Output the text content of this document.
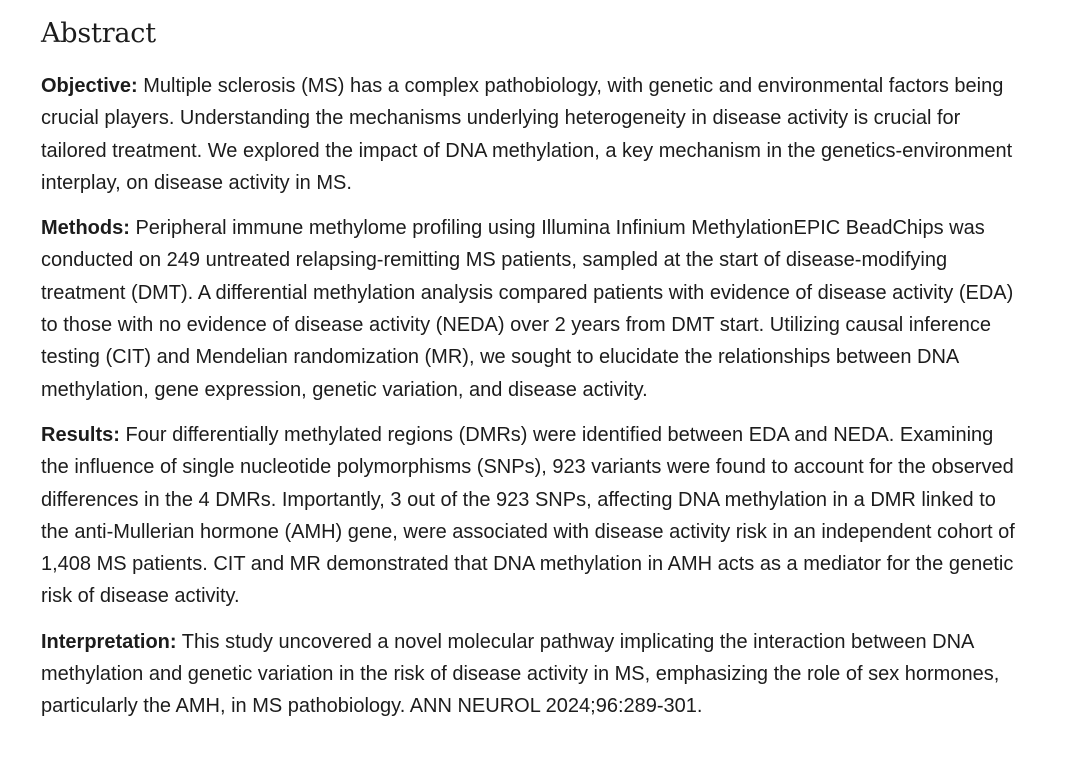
Abstract

Objective: Multiple sclerosis (MS) has a complex pathobiology, with genetic and environmental factors being crucial players. Understanding the mechanisms underlying heterogeneity in disease activity is crucial for tailored treatment. We explored the impact of DNA methylation, a key mechanism in the genetics-environment interplay, on disease activity in MS.

Methods: Peripheral immune methylome profiling using Illumina Infinium MethylationEPIC BeadChips was conducted on 249 untreated relapsing-remitting MS patients, sampled at the start of disease-modifying treatment (DMT). A differential methylation analysis compared patients with evidence of disease activity (EDA) to those with no evidence of disease activity (NEDA) over 2 years from DMT start. Utilizing causal inference testing (CIT) and Mendelian randomization (MR), we sought to elucidate the relationships between DNA methylation, gene expression, genetic variation, and disease activity.

Results: Four differentially methylated regions (DMRs) were identified between EDA and NEDA. Examining the influence of single nucleotide polymorphisms (SNPs), 923 variants were found to account for the observed differences in the 4 DMRs. Importantly, 3 out of the 923 SNPs, affecting DNA methylation in a DMR linked to the anti-Mullerian hormone (AMH) gene, were associated with disease activity risk in an independent cohort of 1,408 MS patients. CIT and MR demonstrated that DNA methylation in AMH acts as a mediator for the genetic risk of disease activity.

Interpretation: This study uncovered a novel molecular pathway implicating the interaction between DNA methylation and genetic variation in the risk of disease activity in MS, emphasizing the role of sex hormones, particularly the AMH, in MS pathobiology. ANN NEUROL 2024;96:289-301.
